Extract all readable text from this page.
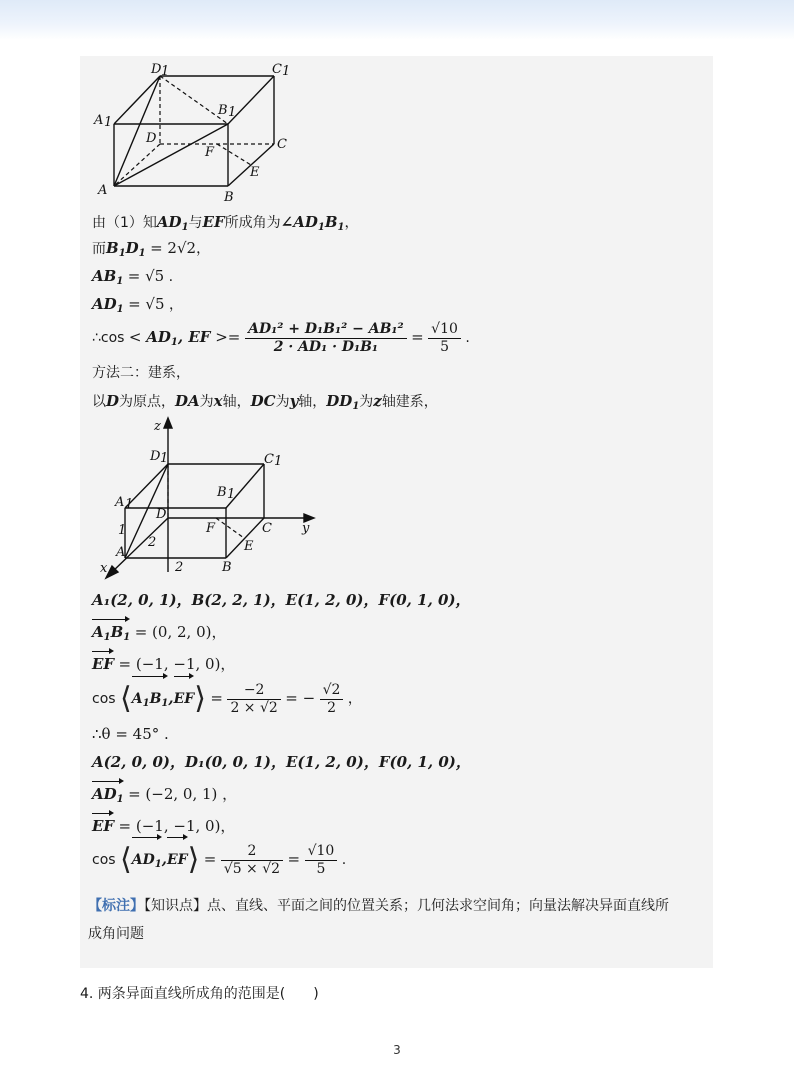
D 1	C 1
A 1
B 1
D
F
C
E
A	B
由（1）知$AD_1$与EF所成角为$\angle AD_1B_1$，
而$B_1D_1 = 2√2$，
$AB_1 = √5$ .
$AD_1 = √5$ ，
∴cos < $AD_1$, EF >= $\frac{\text{AD₁² + D₁B₁² − AB₁²}}{\text{2 · AD₁ · D₁B₁}} = \frac{√10}{5}$ .
方法二：建系，
以D为原点，DA为x轴，DC为y轴，$DD_1$为z轴建系，
z
y
x
D 1	C 1
B 1
A 1
D
F	C
E
A
B
1
2
2
A₁(2, 0, 1)，B(2, 2, 1)，E(1, 2, 0)，F(0, 1, 0)，
$A_1B_1 = (0$, 2, 0)，
EF = (−1, −1, 0)，
$\cos ⟨A_1B_1,EF⟩ = \frac{-2}{2 \times √2}$ = − $\frac{√2}{2}$ ，
∴θ = 45° .
A(2, 0, 0)，D₁(0, 0, 1)，E(1, 2, 0)，F(0, 1, 0)，
$AD_1 = (-2$, 0, 1) ，
EF = (−1, −1, 0)，
$\cos ⟨AD_1,EF⟩ = \frac{2}{√5 \times √2} = \frac{√10}{5}$ .
【标注】【知识点】点、直线、平面之间的位置关系；几何法求空间角；向量法解决异面直线所
成角问题
4. 两条异面直线所成角的范围是(　　)
3
